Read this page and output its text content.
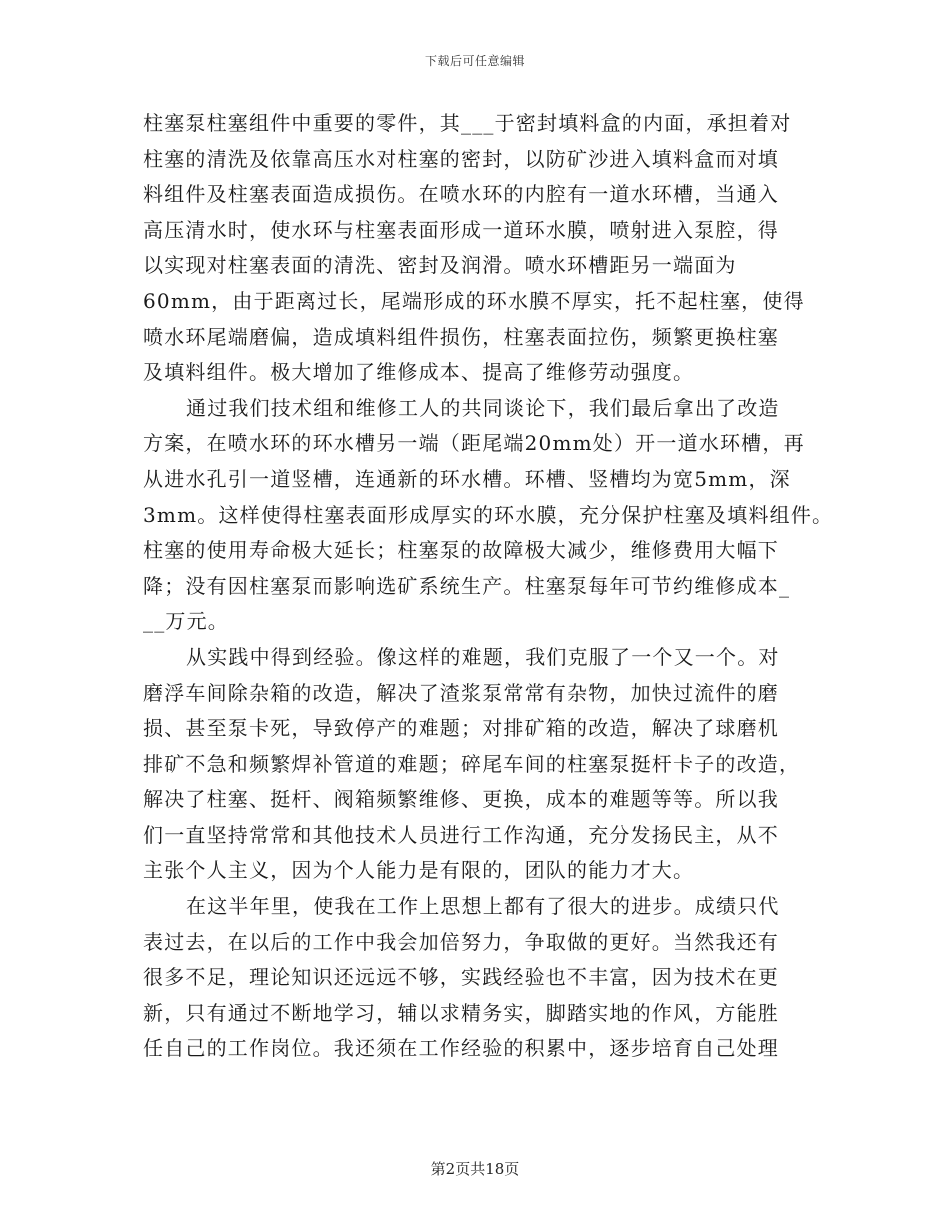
下载后可任意编辑
柱塞泵柱塞组件中重要的零件，其___于密封填料盒的内面，承担着对
柱塞的清洗及依靠高压水对柱塞的密封，以防矿沙进入填料盒而对填
料组件及柱塞表面造成损伤。在喷水环的内腔有一道水环槽，当通入
高压清水时，使水环与柱塞表面形成一道环水膜，喷射进入泵腔，得
以实现对柱塞表面的清洗、密封及润滑。喷水环槽距另一端面为
60mm，由于距离过长，尾端形成的环水膜不厚实，托不起柱塞，使得
喷水环尾端磨偏，造成填料组件损伤，柱塞表面拉伤，频繁更换柱塞
及填料组件。极大增加了维修成本、提高了维修劳动强度。
通过我们技术组和维修工人的共同谈论下，我们最后拿出了改造
方案，在喷水环的环水槽另一端（距尾端20mm处）开一道水环槽，再
从进水孔引一道竖槽，连通新的环水槽。环槽、竖槽均为宽5mm，深
3mm。这样使得柱塞表面形成厚实的环水膜，充分保护柱塞及填料组件。
柱塞的使用寿命极大延长；柱塞泵的故障极大减少，维修费用大幅下
降；没有因柱塞泵而影响选矿系统生产。柱塞泵每年可节约维修成本_
__万元。
从实践中得到经验。像这样的难题，我们克服了一个又一个。对
磨浮车间除杂箱的改造，解决了渣浆泵常常有杂物，加快过流件的磨
损、甚至泵卡死，导致停产的难题；对排矿箱的改造，解决了球磨机
排矿不急和频繁焊补管道的难题；碎尾车间的柱塞泵挺杆卡子的改造，
解决了柱塞、挺杆、阀箱频繁维修、更换，成本的难题等等。所以我
们一直坚持常常和其他技术人员进行工作沟通，充分发扬民主，从不
主张个人主义，因为个人能力是有限的，团队的能力才大。
在这半年里，使我在工作上思想上都有了很大的进步。成绩只代
表过去，在以后的工作中我会加倍努力，争取做的更好。当然我还有
很多不足，理论知识还远远不够，实践经验也不丰富，因为技术在更
新，只有通过不断地学习，辅以求精务实，脚踏实地的作风，方能胜
任自己的工作岗位。我还须在工作经验的积累中，逐步培育自己处理
第2页共18页
